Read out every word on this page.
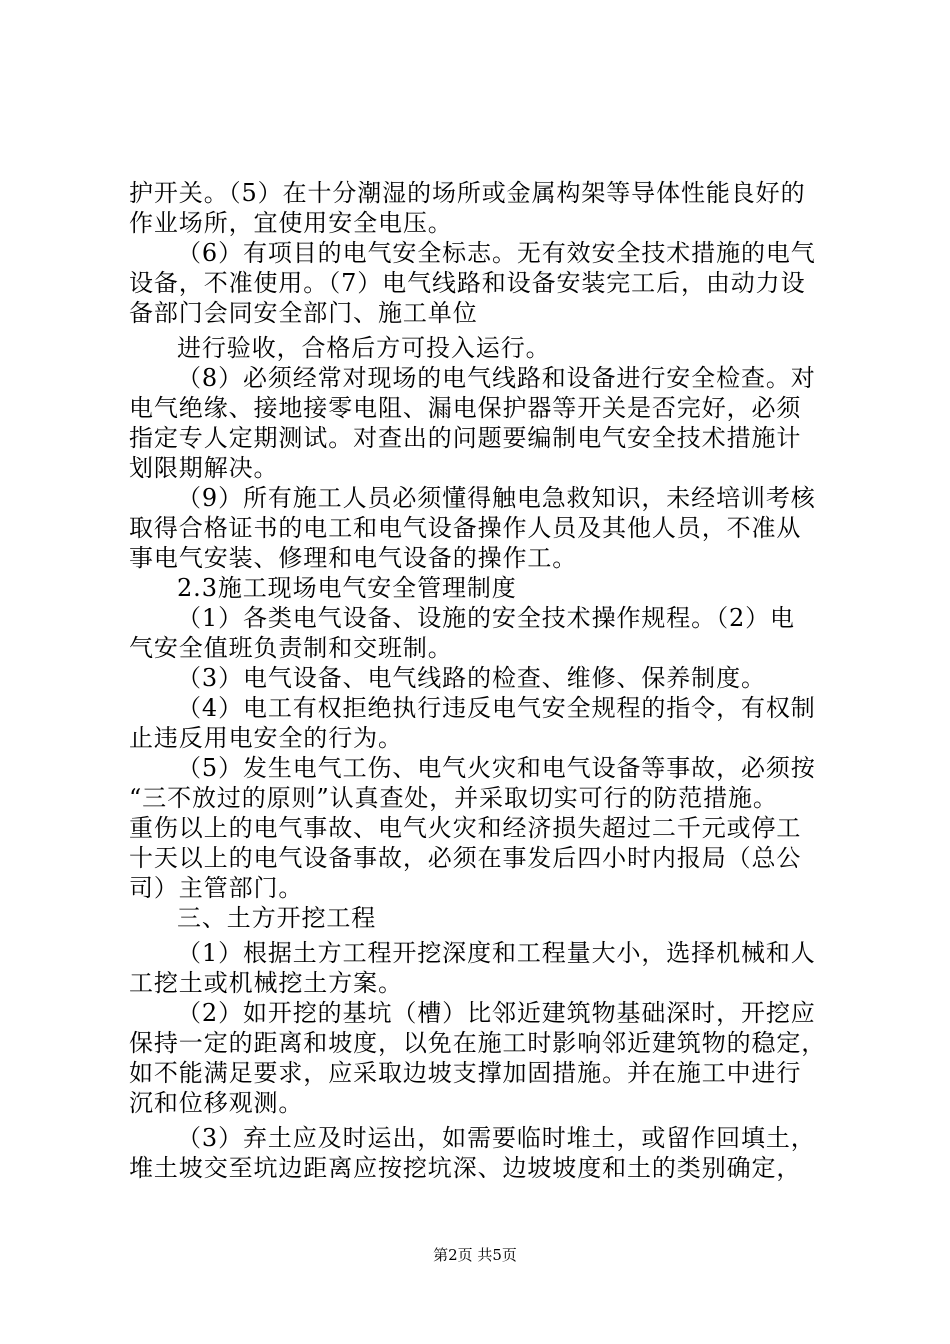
护开关。（5）在十分潮湿的场所或金属构架等导体性能良好的
作业场所，宜使用安全电压。
（6）有项目的电气安全标志。无有效安全技术措施的电气
设备，不准使用。（7）电气线路和设备安装完工后，由动力设
备部门会同安全部门、施工单位
进行验收，合格后方可投入运行。
（8）必须经常对现场的电气线路和设备进行安全检查。对
电气绝缘、接地接零电阻、漏电保护器等开关是否完好，必须
指定专人定期测试。对查出的问题要编制电气安全技术措施计
划限期解决。
（9）所有施工人员必须懂得触电急救知识，未经培训考核
取得合格证书的电工和电气设备操作人员及其他人员，不准从
事电气安装、修理和电气设备的操作工。
2.3施工现场电气安全管理制度
（1）各类电气设备、设施的安全技术操作规程。（2）电
气安全值班负责制和交班制。
（3）电气设备、电气线路的检查、维修、保养制度。
（4）电工有权拒绝执行违反电气安全规程的指令，有权制
止违反用电安全的行为。
（5）发生电气工伤、电气火灾和电气设备等事故，必须按
“三不放过的原则”认真查处，并采取切实可行的防范措施。
重伤以上的电气事故、电气火灾和经济损失超过二千元或停工
十天以上的电气设备事故，必须在事发后四小时内报局（总公
司）主管部门。
三、土方开挖工程
（1）根据土方工程开挖深度和工程量大小，选择机械和人
工挖土或机械挖土方案。
（2）如开挖的基坑（槽）比邻近建筑物基础深时，开挖应
保持一定的距离和坡度，以免在施工时影响邻近建筑物的稳定，
如不能满足要求，应采取边坡支撑加固措施。并在施工中进行
沉和位移观测。
（3）弃土应及时运出，如需要临时堆土，或留作回填土，
堆土坡交至坑边距离应按挖坑深、边坡坡度和土的类别确定，
第2页 共5页
